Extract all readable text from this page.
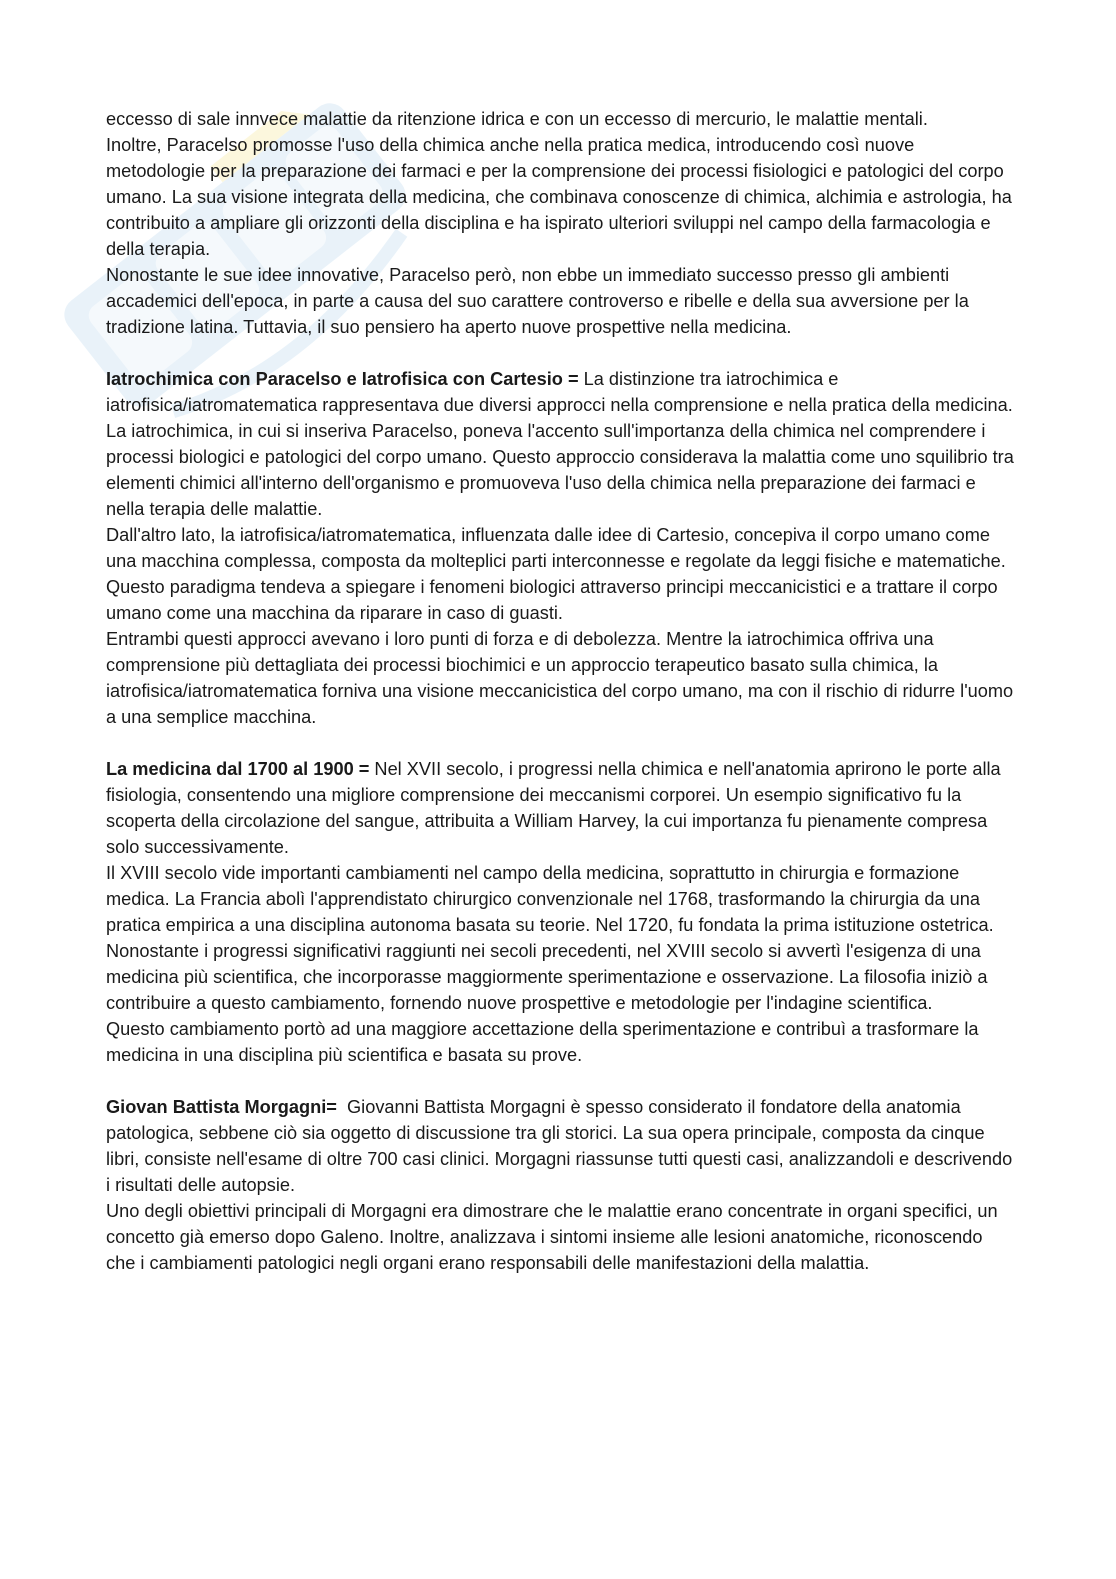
eccesso di sale innvece malattie da ritenzione idrica e con un eccesso di mercurio, le malattie mentali.

Inoltre, Paracelso promosse l'uso della chimica anche nella pratica medica, introducendo così nuove metodologie per la preparazione dei farmaci e per la comprensione dei processi fisiologici e patologici del corpo umano. La sua visione integrata della medicina, che combinava conoscenze di chimica, alchimia e astrologia, ha contribuito a ampliare gli orizzonti della disciplina e ha ispirato ulteriori sviluppi nel campo della farmacologia e della terapia.

Nonostante le sue idee innovative, Paracelso però, non ebbe un immediato successo presso gli ambienti accademici dell'epoca, in parte a causa del suo carattere controverso e ribelle e della sua avversione per la tradizione latina. Tuttavia, il suo pensiero ha aperto nuove prospettive nella medicina.

Iatrochimica con Paracelso e Iatrofisica con Cartesio = La distinzione tra iatrochimica e iatrofisica/iatromatematica rappresentava due diversi approcci nella comprensione e nella pratica della medicina.

La iatrochimica, in cui si inseriva Paracelso, poneva l'accento sull'importanza della chimica nel comprendere i processi biologici e patologici del corpo umano. Questo approccio considerava la malattia come uno squilibrio tra elementi chimici all'interno dell'organismo e promuoveva l'uso della chimica nella preparazione dei farmaci e nella terapia delle malattie.

Dall'altro lato, la iatrofisica/iatromatematica, influenzata dalle idee di Cartesio, concepiva il corpo umano come una macchina complessa, composta da molteplici parti interconnesse e regolate da leggi fisiche e matematiche. Questo paradigma tendeva a spiegare i fenomeni biologici attraverso principi meccanicistici e a trattare il corpo umano come una macchina da riparare in caso di guasti.

Entrambi questi approcci avevano i loro punti di forza e di debolezza. Mentre la iatrochimica offriva una comprensione più dettagliata dei processi biochimici e un approccio terapeutico basato sulla chimica, la iatrofisica/iatromatematica forniva una visione meccanicistica del corpo umano, ma con il rischio di ridurre l'uomo a una semplice macchina.

La medicina dal 1700 al 1900 = Nel XVII secolo, i progressi nella chimica e nell'anatomia aprirono le porte alla fisiologia, consentendo una migliore comprensione dei meccanismi corporei. Un esempio significativo fu la scoperta della circolazione del sangue, attribuita a William Harvey, la cui importanza fu pienamente compresa solo successivamente.

Il XVIII secolo vide importanti cambiamenti nel campo della medicina, soprattutto in chirurgia e formazione medica. La Francia abolì l'apprendistato chirurgico convenzionale nel 1768, trasformando la chirurgia da una pratica empirica a una disciplina autonoma basata su teorie. Nel 1720, fu fondata la prima istituzione ostetrica.

Nonostante i progressi significativi raggiunti nei secoli precedenti, nel XVIII secolo si avvertì l'esigenza di una medicina più scientifica, che incorporasse maggiormente sperimentazione e osservazione. La filosofia iniziò a contribuire a questo cambiamento, fornendo nuove prospettive e metodologie per l'indagine scientifica.

Questo cambiamento portò ad una maggiore accettazione della sperimentazione e contribuì a trasformare la medicina in una disciplina più scientifica e basata su prove.

Giovan Battista Morgagni=  Giovanni Battista Morgagni è spesso considerato il fondatore della anatomia patologica, sebbene ciò sia oggetto di discussione tra gli storici. La sua opera principale, composta da cinque libri, consiste nell'esame di oltre 700 casi clinici. Morgagni riassunse tutti questi casi, analizzandoli e descrivendo i risultati delle autopsie.

Uno degli obiettivi principali di Morgagni era dimostrare che le malattie erano concentrate in organi specifici, un concetto già emerso dopo Galeno. Inoltre, analizzava i sintomi insieme alle lesioni anatomiche, riconoscendo che i cambiamenti patologici negli organi erano responsabili delle manifestazioni della malattia.
